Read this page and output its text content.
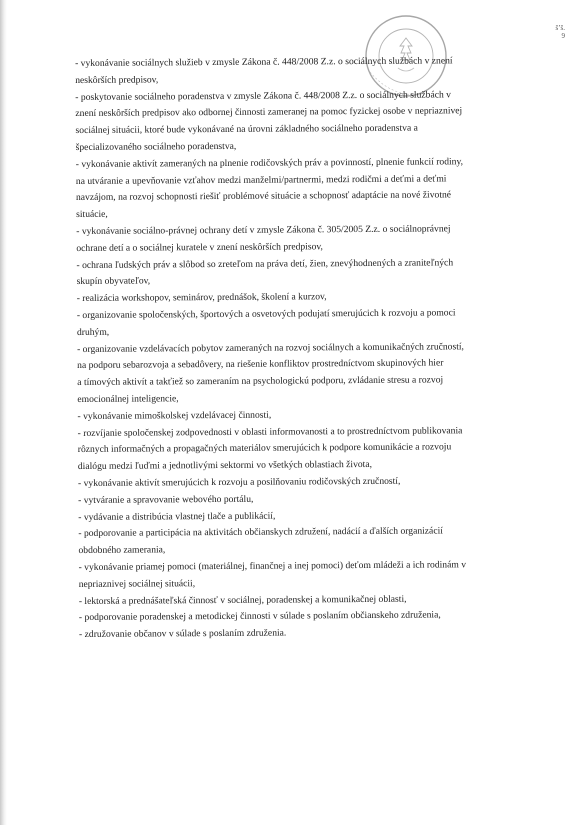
š’š.
9
- vykonávanie sociálnych služieb v zmysle Zákona č. 448/2008 Z.z. o sociálnych službách v znení
neskôrších predpisov,
- poskytovanie sociálneho poradenstva v zmysle Zákona č. 448/2008 Z.z. o sociálnych službách v
znení neskôrších predpisov ako odbornej činnosti zameranej na pomoc fyzickej osobe v nepriaznivej
sociálnej situácii, ktoré bude vykonávané na úrovni základného sociálneho poradenstva a
špecializovaného sociálneho poradenstva,
- vykonávanie aktivít zameraných na plnenie rodičovských práv a povinností, plnenie funkcií rodiny,
na utváranie a upevňovanie vzťahov medzi manželmi/partnermi, medzi rodičmi a deťmi a deťmi
navzájom, na rozvoj schopnosti riešiť problémové situácie a schopnosť adaptácie na nové životné
situácie,
- vykonávanie sociálno-právnej ochrany detí v zmysle Zákona č. 305/2005 Z.z. o sociálnoprávnej
ochrane detí a o sociálnej kuratele v znení neskôrších predpisov,
- ochrana ľudských práv a slôbod so zreteľom na práva detí, žien, znevýhodnených a zraniteľných
skupín obyvateľov,
- realizácia workshopov, seminárov, prednášok, školení a kurzov,
- organizovanie spoločenských, športových a osvetových podujatí smerujúcich k rozvoju a pomoci
druhým,
- organizovanie vzdelávacích pobytov zameraných na rozvoj sociálnych a komunikačných zručností,
na podporu sebarozvoja a sebadôvery, na riešenie konfliktov prostredníctvom skupinových hier
a tímových aktivít a takťiež so zameraním na psychologickú podporu, zvládanie stresu a rozvoj
emocionálnej inteligencie,
- vykonávanie mimoškolskej vzdelávacej činnosti,
- rozvíjanie spoločenskej zodpovednosti v oblasti informovanosti a to prostredníctvom publikovania
rôznych informačných a propagačných materiálov smerujúcich k podpore komunikácie a rozvoju
dialógu medzi ľuďmi a jednotlivými sektormi vo všetkých oblastiach života,
- vykonávanie aktivít smerujúcich k rozvoju a posilňovaniu rodičovských zručností,
- vytváranie a spravovanie webového portálu,
- vydávanie a distribúcia vlastnej tlače a publikácií,
- podporovanie a participácia na aktivitách občianskych združení, nadácií a ďalších organizácií
obdobného zamerania,
- vykonávanie priamej pomoci (materiálnej, finančnej a inej pomoci) deťom mládeži a ich rodinám v
nepriaznivej sociálnej situácii,
- lektorská a prednášateľská činnosť v sociálnej, poradenskej a komunikačnej oblasti,
- podporovanie poradenskej a metodickej činnosti v súlade s poslaním občianskeho združenia,
- združovanie občanov v súlade s poslaním združenia.
